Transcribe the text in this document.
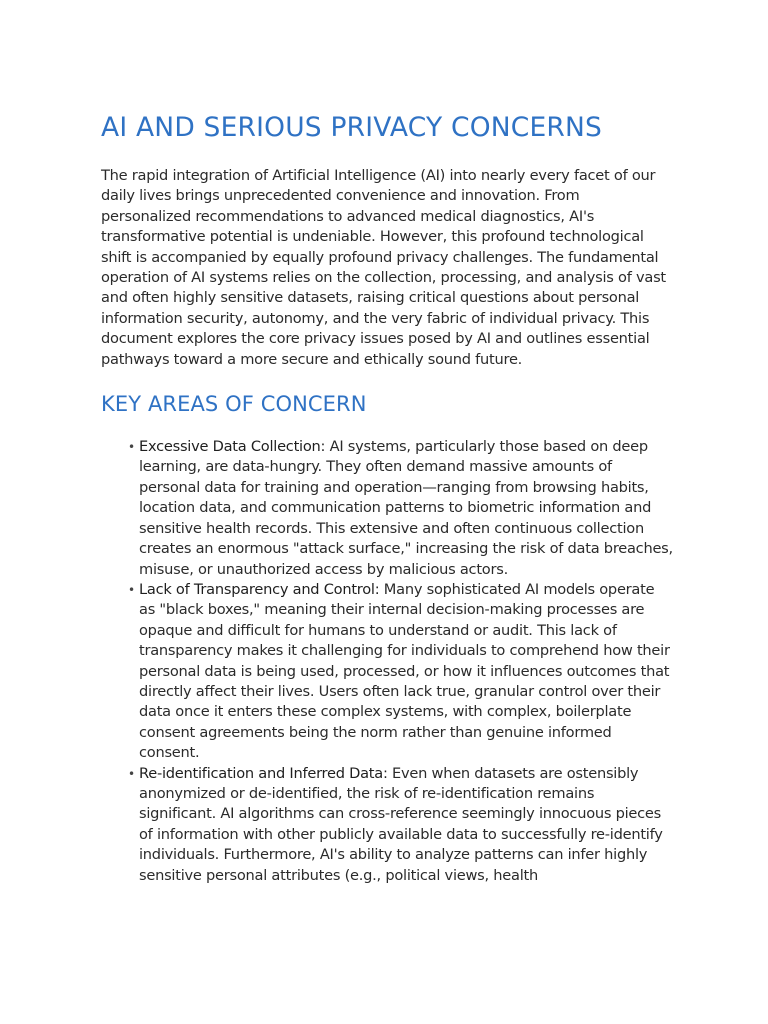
AI AND SERIOUS PRIVACY CONCERNS

The rapid integration of Artificial Intelligence (AI) into nearly every facet of our daily lives brings unprecedented convenience and innovation. From personalized recommendations to advanced medical diagnostics, AI's transformative potential is undeniable. However, this profound technological shift is accompanied by equally profound privacy challenges. The fundamental operation of AI systems relies on the collection, processing, and analysis of vast and often highly sensitive datasets, raising critical questions about personal information security, autonomy, and the very fabric of individual privacy. This document explores the core privacy issues posed by AI and outlines essential pathways toward a more secure and ethically sound future.

KEY AREAS OF CONCERN
• Excessive Data Collection: AI systems, particularly those based on deep learning, are data-hungry. They often demand massive amounts of personal data for training and operation—ranging from browsing habits, location data, and communication patterns to biometric information and sensitive health records. This extensive and often continuous collection creates an enormous "attack surface," increasing the risk of data breaches, misuse, or unauthorized access by malicious actors.
• Lack of Transparency and Control: Many sophisticated AI models operate as "black boxes," meaning their internal decision-making processes are opaque and difficult for humans to understand or audit. This lack of transparency makes it challenging for individuals to comprehend how their personal data is being used, processed, or how it influences outcomes that directly affect their lives. Users often lack true, granular control over their data once it enters these complex systems, with complex, boilerplate consent agreements being the norm rather than genuine informed consent.
• Re-identification and Inferred Data: Even when datasets are ostensibly anonymized or de-identified, the risk of re-identification remains significant. AI algorithms can cross-reference seemingly innocuous pieces of information with other publicly available data to successfully re-identify individuals. Furthermore, AI's ability to analyze patterns can infer highly sensitive personal attributes (e.g., political views, health
